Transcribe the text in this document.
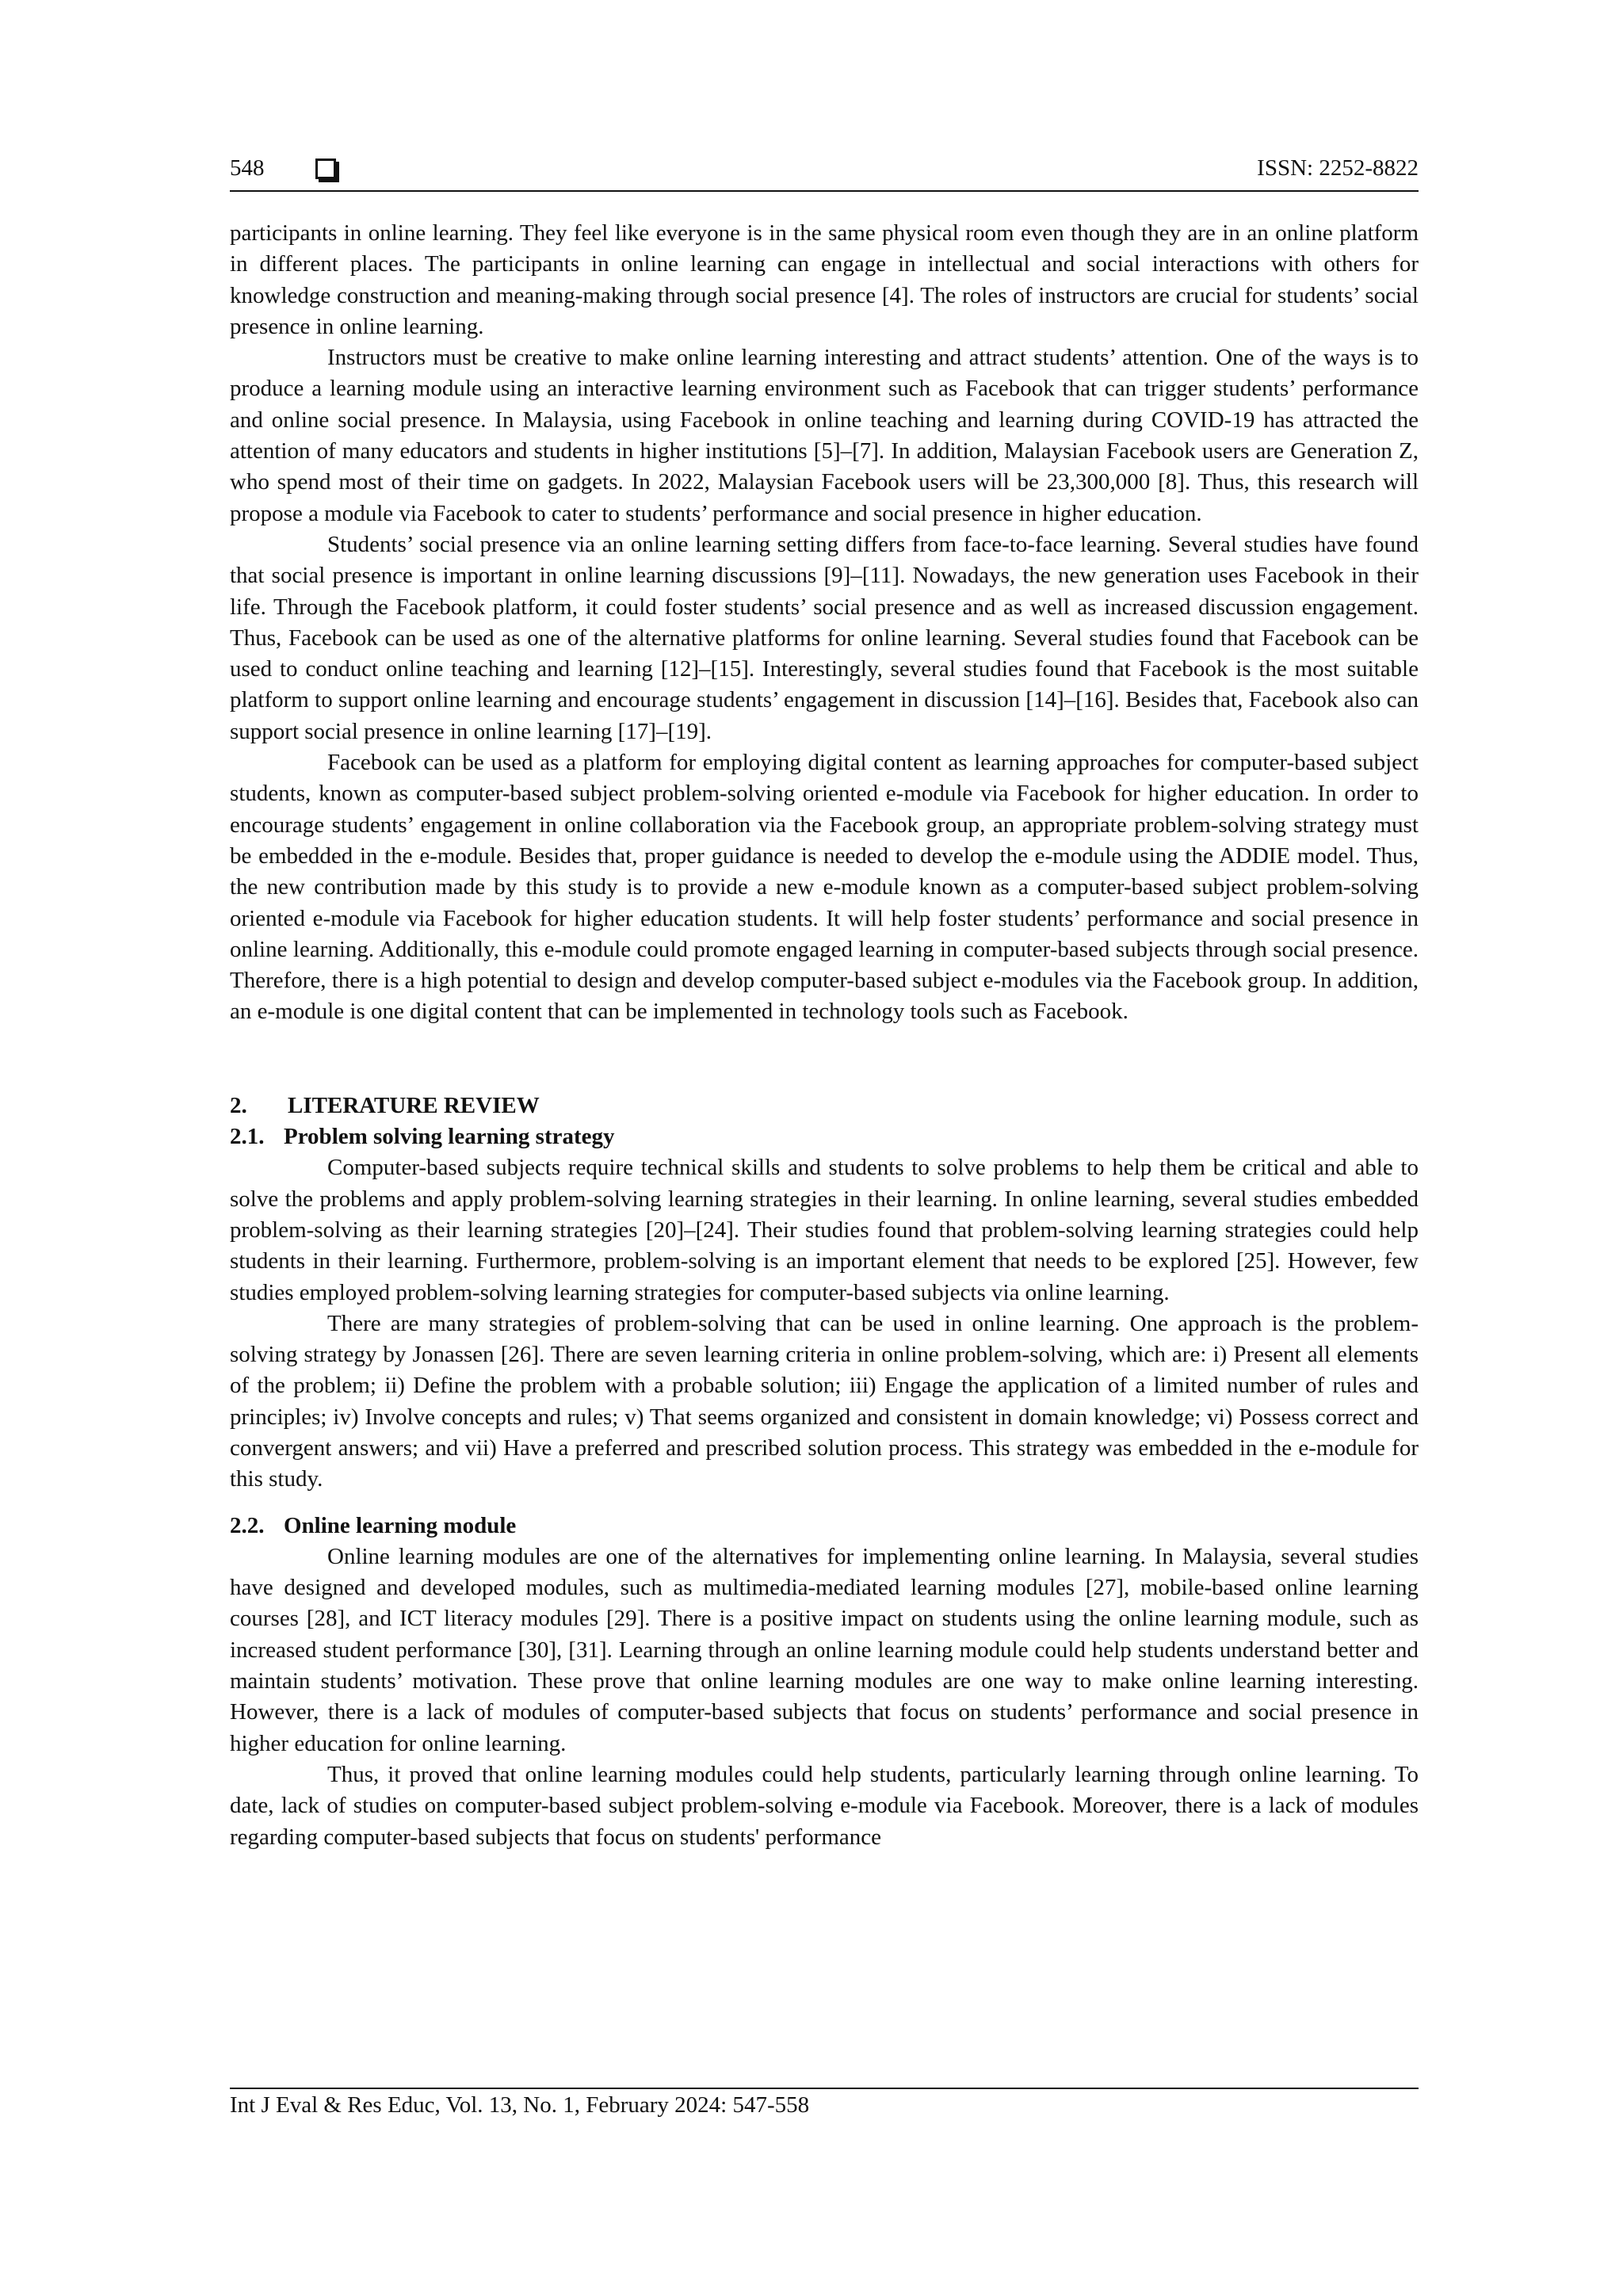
548	ISSN: 2252-8822

participants in online learning. They feel like everyone is in the same physical room even though they are in an online platform in different places. The participants in online learning can engage in intellectual and social interactions with others for knowledge construction and meaning-making through social presence [4]. The roles of instructors are crucial for students’ social presence in online learning.

Instructors must be creative to make online learning interesting and attract students’ attention. One of the ways is to produce a learning module using an interactive learning environment such as Facebook that can trigger students’ performance and online social presence. In Malaysia, using Facebook in online teaching and learning during COVID-19 has attracted the attention of many educators and students in higher institutions [5]–[7]. In addition, Malaysian Facebook users are Generation Z, who spend most of their time on gadgets. In 2022, Malaysian Facebook users will be 23,300,000 [8]. Thus, this research will propose a module via Facebook to cater to students’ performance and social presence in higher education.

Students’ social presence via an online learning setting differs from face-to-face learning. Several studies have found that social presence is important in online learning discussions [9]–[11]. Nowadays, the new generation uses Facebook in their life. Through the Facebook platform, it could foster students’ social presence and as well as increased discussion engagement. Thus, Facebook can be used as one of the alternative platforms for online learning. Several studies found that Facebook can be used to conduct online teaching and learning [12]–[15]. Interestingly, several studies found that Facebook is the most suitable platform to support online learning and encourage students’ engagement in discussion [14]–[16]. Besides that, Facebook also can support social presence in online learning [17]–[19].

Facebook can be used as a platform for employing digital content as learning approaches for computer-based subject students, known as computer-based subject problem-solving oriented e-module via Facebook for higher education. In order to encourage students’ engagement in online collaboration via the Facebook group, an appropriate problem-solving strategy must be embedded in the e-module. Besides that, proper guidance is needed to develop the e-module using the ADDIE model. Thus, the new contribution made by this study is to provide a new e-module known as a computer-based subject problem-solving oriented e-module via Facebook for higher education students. It will help foster students’ performance and social presence in online learning. Additionally, this e-module could promote engaged learning in computer-based subjects through social presence. Therefore, there is a high potential to design and develop computer-based subject e-modules via the Facebook group. In addition, an e-module is one digital content that can be implemented in technology tools such as Facebook.

2. LITERATURE REVIEW
2.1. Problem solving learning strategy

Computer-based subjects require technical skills and students to solve problems to help them be critical and able to solve the problems and apply problem-solving learning strategies in their learning. In online learning, several studies embedded problem-solving as their learning strategies [20]–[24]. Their studies found that problem-solving learning strategies could help students in their learning. Furthermore, problem-solving is an important element that needs to be explored [25]. However, few studies employed problem-solving learning strategies for computer-based subjects via online learning.

There are many strategies of problem-solving that can be used in online learning. One approach is the problem-solving strategy by Jonassen [26]. There are seven learning criteria in online problem-solving, which are: i) Present all elements of the problem; ii) Define the problem with a probable solution; iii) Engage the application of a limited number of rules and principles; iv) Involve concepts and rules; v) That seems organized and consistent in domain knowledge; vi) Possess correct and convergent answers; and vii) Have a preferred and prescribed solution process. This strategy was embedded in the e-module for this study.

2.2. Online learning module

Online learning modules are one of the alternatives for implementing online learning. In Malaysia, several studies have designed and developed modules, such as multimedia-mediated learning modules [27], mobile-based online learning courses [28], and ICT literacy modules [29]. There is a positive impact on students using the online learning module, such as increased student performance [30], [31]. Learning through an online learning module could help students understand better and maintain students’ motivation. These prove that online learning modules are one way to make online learning interesting. However, there is a lack of modules of computer-based subjects that focus on students’ performance and social presence in higher education for online learning.

Thus, it proved that online learning modules could help students, particularly learning through online learning. To date, lack of studies on computer-based subject problem-solving e-module via Facebook. Moreover, there is a lack of modules regarding computer-based subjects that focus on students' performance

Int J Eval & Res Educ, Vol. 13, No. 1, February 2024: 547-558
